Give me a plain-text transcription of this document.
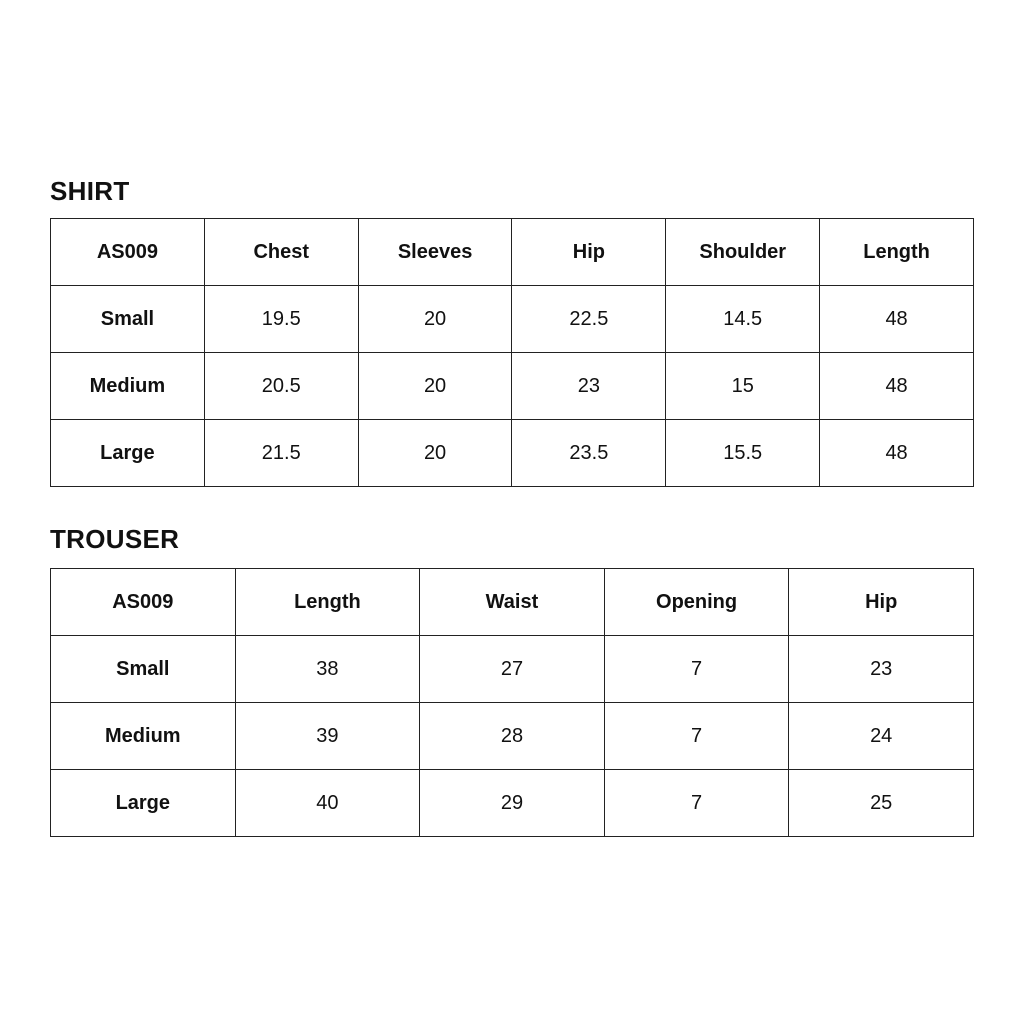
SHIRT
AS009	Chest	Sleeves	Hip	Shoulder	Length
Small	19.5	20	22.5	14.5	48
Medium	20.5	20	23	15	48
Large	21.5	20	23.5	15.5	48
TROUSER
AS009	Length	Waist	Opening	Hip
Small	38	27	7	23
Medium	39	28	7	24
Large	40	29	7	25
